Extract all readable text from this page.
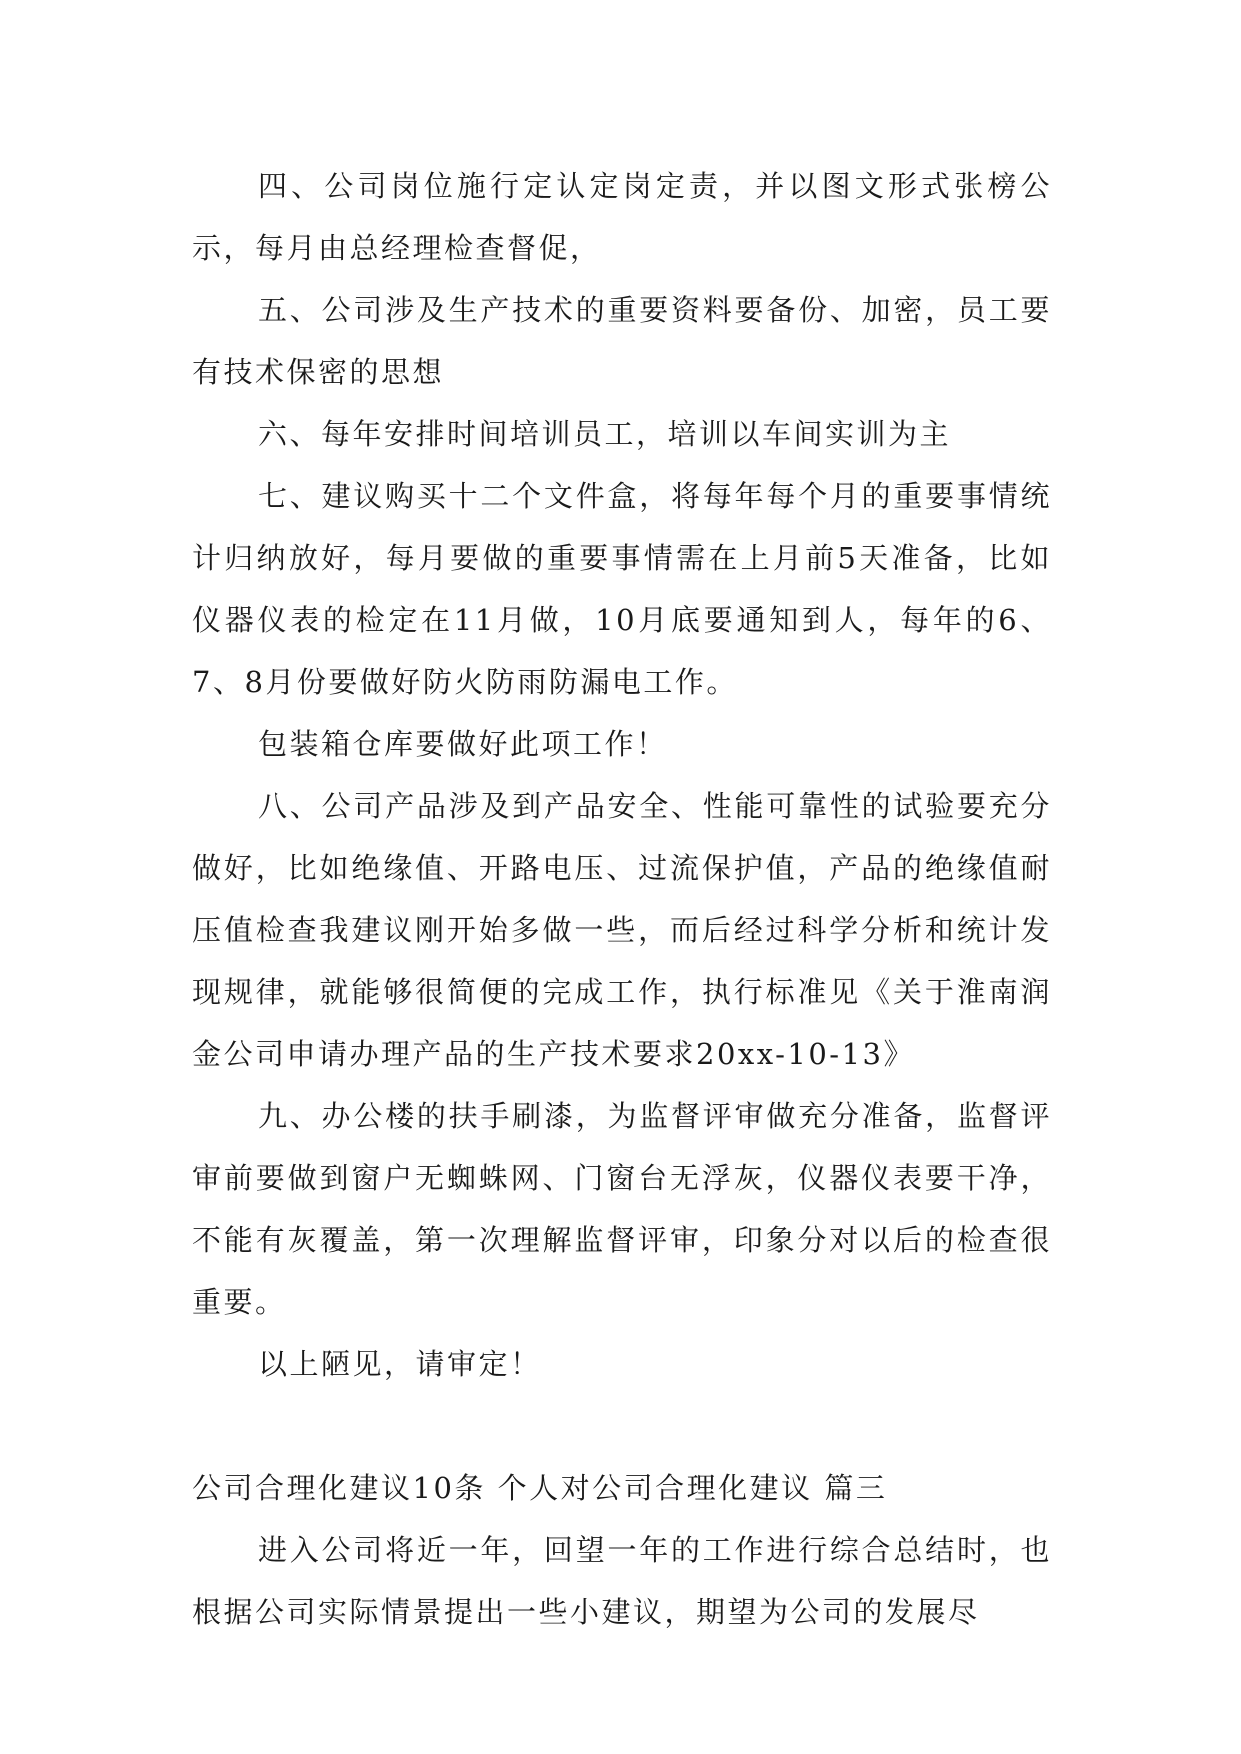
四、公司岗位施行定认定岗定责，并以图文形式张榜公示，每月由总经理检查督促，

五、公司涉及生产技术的重要资料要备份、加密，员工要有技术保密的思想

六、每年安排时间培训员工，培训以车间实训为主

七、建议购买十二个文件盒，将每年每个月的重要事情统计归纳放好，每月要做的重要事情需在上月前5天准备，比如仪器仪表的检定在11月做，10月底要通知到人，每年的6、7、8月份要做好防火防雨防漏电工作。

包装箱仓库要做好此项工作！

八、公司产品涉及到产品安全、性能可靠性的试验要充分做好，比如绝缘值、开路电压、过流保护值，产品的绝缘值耐压值检查我建议刚开始多做一些，而后经过科学分析和统计发现规律，就能够很简便的完成工作，执行标准见《关于淮南润金公司申请办理产品的生产技术要求20xx-10-13》

九、办公楼的扶手刷漆，为监督评审做充分准备，监督评审前要做到窗户无蜘蛛网、门窗台无浮灰，仪器仪表要干净，不能有灰覆盖，第一次理解监督评审，印象分对以后的检查很重要。

以上陋见，请审定！

公司合理化建议10条 个人对公司合理化建议 篇三

进入公司将近一年，回望一年的工作进行综合总结时，也根据公司实际情景提出一些小建议，期望为公司的发展尽
